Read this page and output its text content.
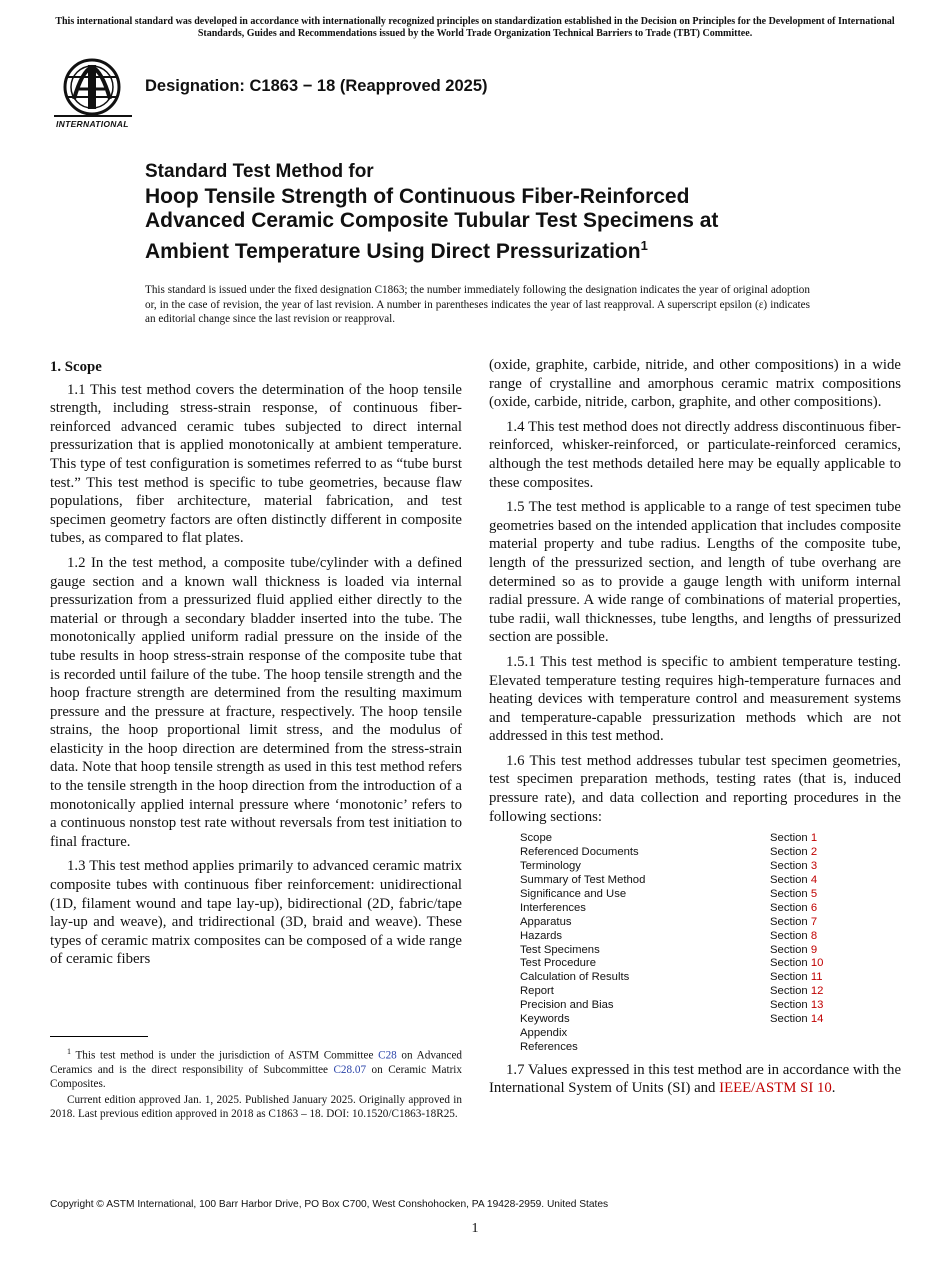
This international standard was developed in accordance with internationally recognized principles on standardization established in the Decision on Principles for the Development of International Standards, Guides and Recommendations issued by the World Trade Organization Technical Barriers to Trade (TBT) Committee.
INTERNATIONAL
Designation: C1863 − 18 (Reapproved 2025)
Standard Test Method for
Hoop Tensile Strength of Continuous Fiber-Reinforced
Advanced Ceramic Composite Tubular Test Specimens at
Ambient Temperature Using Direct Pressurization$^1$
This standard is issued under the fixed designation C1863; the number immediately following the designation indicates the year of original adoption or, in the case of revision, the year of last revision. A number in parentheses indicates the year of last reapproval. A superscript epsilon (ε) indicates an editorial change since the last revision or reapproval.
1. Scope

1.1 This test method covers the determination of the hoop tensile strength, including stress-strain response, of continuous fiber-reinforced advanced ceramic tubes subjected to direct internal pressurization that is applied monotonically at ambient temperature. This type of test configuration is sometimes referred to as “tube burst test.” This test method is specific to tube geometries, because flaw populations, fiber architecture, material fabrication, and test specimen geometry factors are often distinctly different in composite tubes, as compared to flat plates.

1.2 In the test method, a composite tube/cylinder with a defined gauge section and a known wall thickness is loaded via internal pressurization from a pressurized fluid applied either directly to the material or through a secondary bladder inserted into the tube. The monotonically applied uniform radial pressure on the inside of the tube results in hoop stress-strain response of the composite tube that is recorded until failure of the tube. The hoop tensile strength and the hoop fracture strength are determined from the resulting maximum pressure and the pressure at fracture, respectively. The hoop tensile strains, the hoop proportional limit stress, and the modulus of elasticity in the hoop direction are determined from the stress-strain data. Note that hoop tensile strength as used in this test method refers to the tensile strength in the hoop direction from the introduction of a monotonically applied internal pressure where ‘monotonic’ refers to a continuous nonstop test rate without reversals from test initiation to final fracture.

1.3 This test method applies primarily to advanced ceramic matrix composite tubes with continuous fiber reinforcement: unidirectional (1D, filament wound and tape lay-up), bidirectional (2D, fabric/tape lay-up and weave), and tridirectional (3D, braid and weave). These types of ceramic matrix composites can be composed of a wide range of ceramic fibers

(oxide, graphite, carbide, nitride, and other compositions) in a wide range of crystalline and amorphous ceramic matrix compositions (oxide, carbide, nitride, carbon, graphite, and other compositions).

1.4 This test method does not directly address discontinuous fiber-reinforced, whisker-reinforced, or particulate-reinforced ceramics, although the test methods detailed here may be equally applicable to these composites.

1.5 The test method is applicable to a range of test specimen tube geometries based on the intended application that includes composite material property and tube radius. Lengths of the composite tube, length of the pressurized section, and length of tube overhang are determined so as to provide a gauge length with uniform internal radial pressure. A wide range of combinations of material properties, tube radii, wall thicknesses, tube lengths, and lengths of pressurized section are possible.

1.5.1 This test method is specific to ambient temperature testing. Elevated temperature testing requires high-temperature furnaces and heating devices with temperature control and measurement systems and temperature-capable pressurization methods which are not addressed in this test method.

1.6 This test method addresses tubular test specimen geometries, test specimen preparation methods, testing rates (that is, induced pressure rate), and data collection and reporting procedures in the following sections:

Scope	Section 1
Referenced Documents	Section 2
Terminology	Section 3
Summary of Test Method	Section 4
Significance and Use	Section 5
Interferences	Section 6
Apparatus	Section 7
Hazards	Section 8
Test Specimens	Section 9
Test Procedure	Section 10
Calculation of Results	Section 11
Report	Section 12
Precision and Bias	Section 13
Keywords	Section 14
Appendix
References

1.7 Values expressed in this test method are in accordance with the International System of Units (SI) and IEEE/ASTM SI 10.

$^1$ This test method is under the jurisdiction of ASTM Committee C28 on Advanced Ceramics and is the direct responsibility of Subcommittee C28.07 on Ceramic Matrix Composites.

Current edition approved Jan. 1, 2025. Published January 2025. Originally approved in 2018. Last previous edition approved in 2018 as C1863 – 18. DOI: 10.1520/C1863-18R25.

Copyright © ASTM International, 100 Barr Harbor Drive, PO Box C700, West Conshohocken, PA 19428-2959. United States
1
